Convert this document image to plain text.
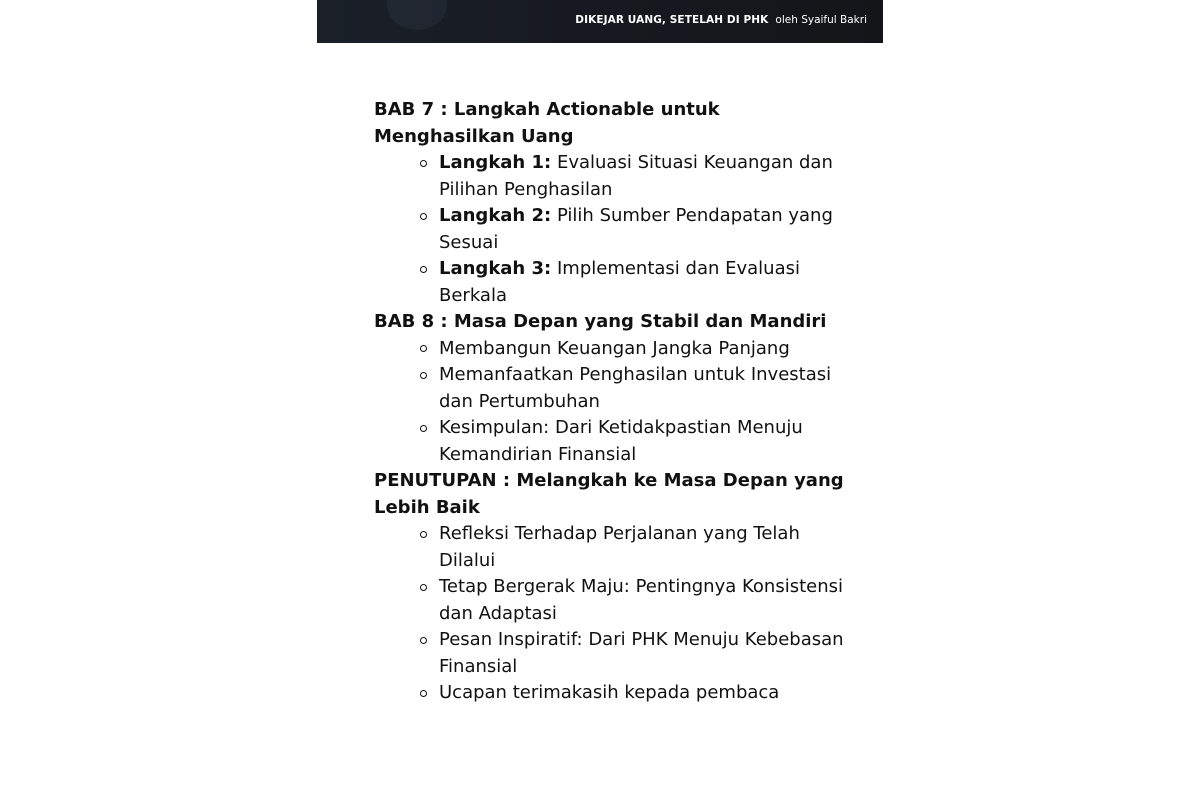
DIKEJAR UANG, SETELAH DI PHK oleh Syaiful Bakri

BAB 7 : Langkah Actionable untuk Menghasilkan Uang

Langkah 1: Evaluasi Situasi Keuangan dan Pilihan Penghasilan
Langkah 2: Pilih Sumber Pendapatan yang Sesuai
Langkah 3: Implementasi dan Evaluasi Berkala

BAB 8 : Masa Depan yang Stabil dan Mandiri

Membangun Keuangan Jangka Panjang
Memanfaatkan Penghasilan untuk Investasi dan Pertumbuhan
Kesimpulan: Dari Ketidakpastian Menuju Kemandirian Finansial

PENUTUPAN : Melangkah ke Masa Depan yang Lebih Baik

Refleksi Terhadap Perjalanan yang Telah Dilalui
Tetap Bergerak Maju: Pentingnya Konsistensi dan Adaptasi
Pesan Inspiratif: Dari PHK Menuju Kebebasan Finansial
Ucapan terimakasih kepada pembaca
